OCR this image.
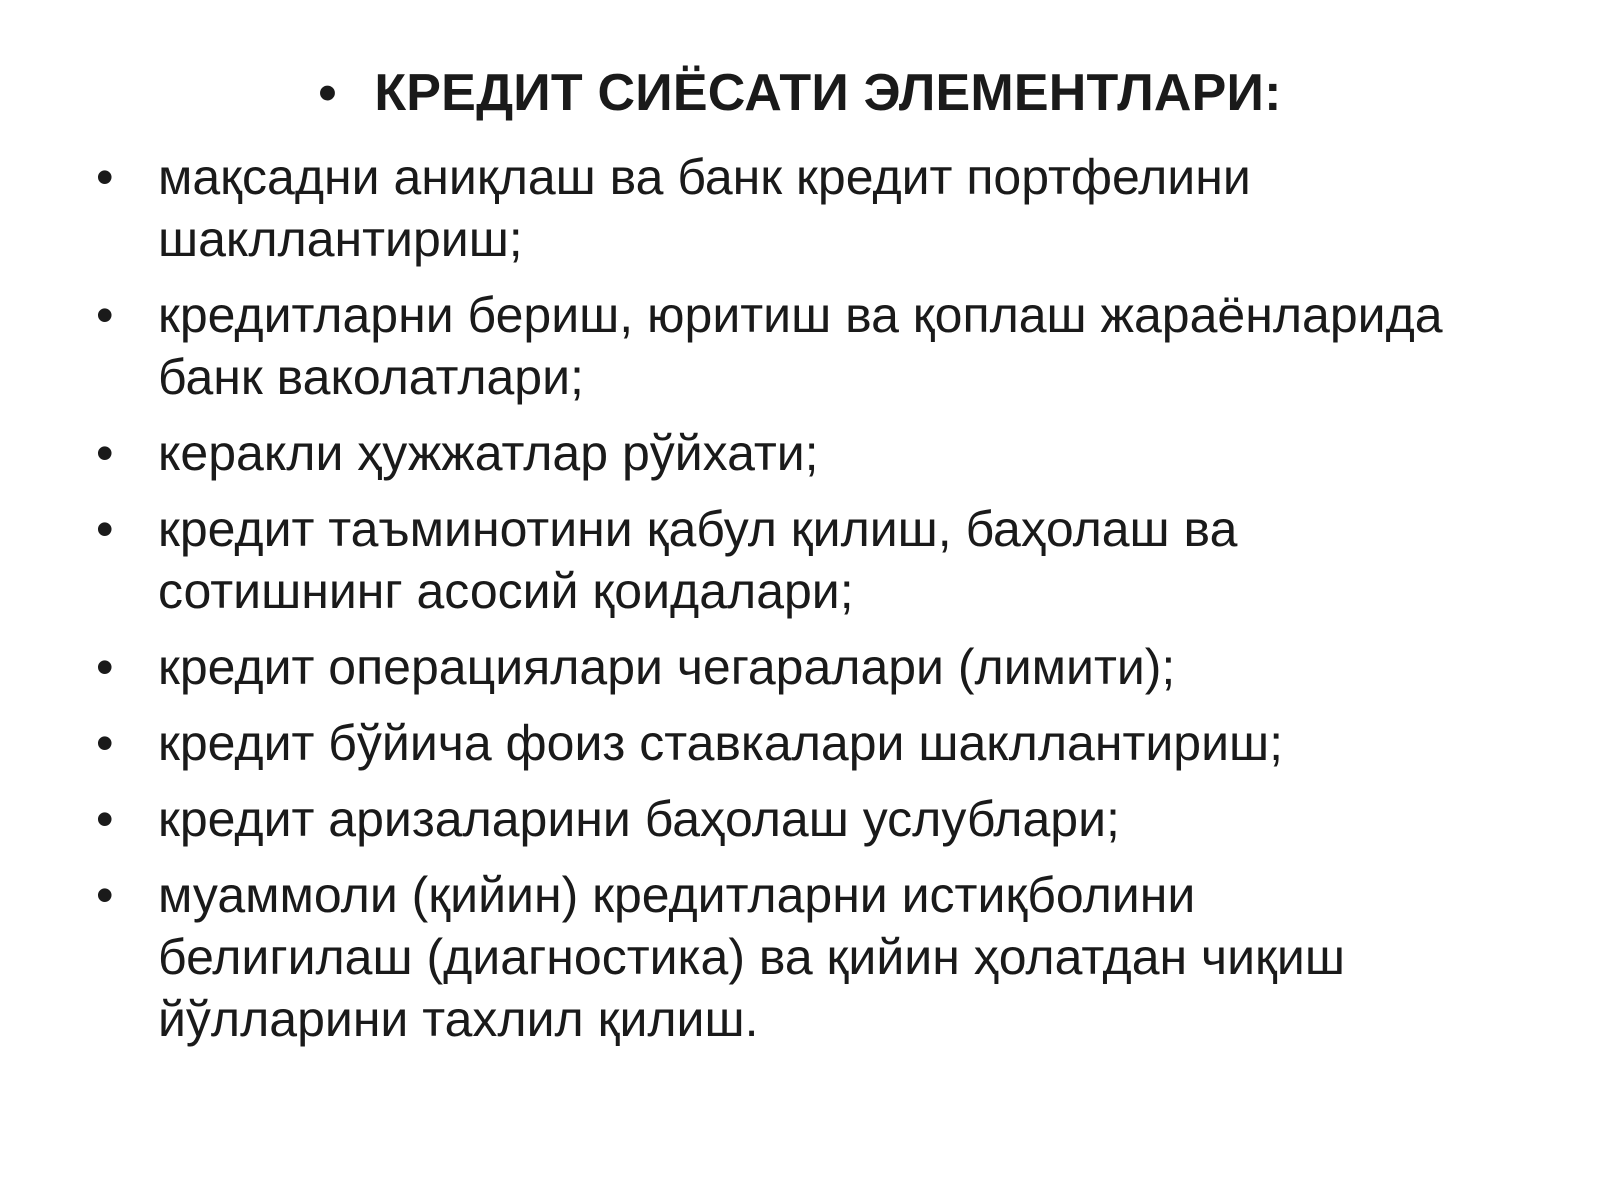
• КРЕДИТ СИЁСАТИ ЭЛЕМЕНТЛАРИ:
• мақсадни аниқлаш ва банк кредит портфелини
шакллантириш;
• кредитларни бериш, юритиш ва қоплаш жараёнларида
банк ваколатлари;
• керакли ҳужжатлар рўйхати;
• кредит таъминотини қабул қилиш, баҳолаш ва
сотишнинг асосий қоидалари;
• кредит операциялари чегаралари (лимити);
• кредит бўйича фоиз ставкалари шакллантириш;
• кредит аризаларини баҳолаш услублари;
• муаммоли (қийин) кредитларни истиқболини
белигилаш (диагностика) ва қийин ҳолатдан чиқиш
йўлларини тахлил қилиш.
